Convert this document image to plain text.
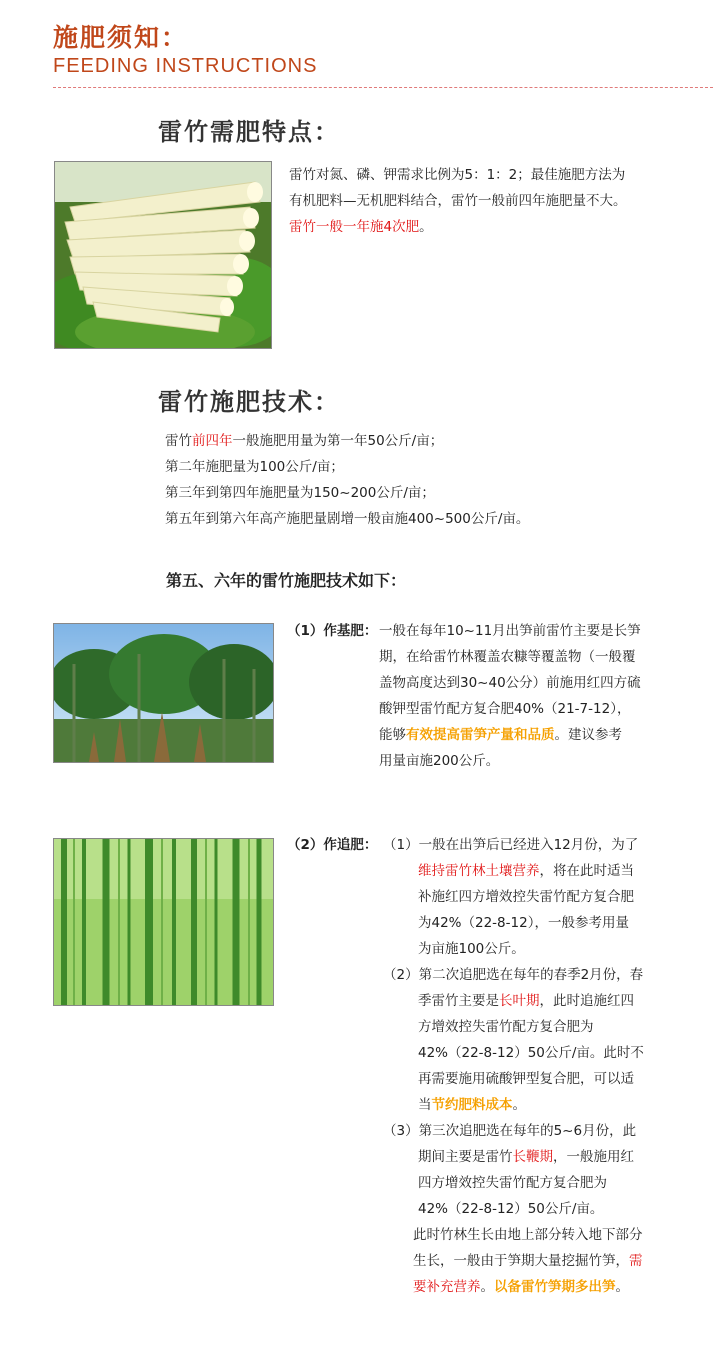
施肥须知：
FEEDING INSTRUCTIONS
雷竹需肥特点：
雷竹对氮、磷、钾需求比例为5：1：2；最佳施肥方法为
有机肥料—无机肥料结合，雷竹一般前四年施肥量不大。
雷竹一般一年施4次肥。
雷竹施肥技术：
雷竹前四年一般施肥用量为第一年50公斤/亩；
第二年施肥量为100公斤/亩；
第三年到第四年施肥量为150~200公斤/亩；
第五年到第六年高产施肥量剧增一般亩施400~500公斤/亩。
第五、六年的雷竹施肥技术如下：
（1）作基肥： 一般在每年10~11月出笋前雷竹主要是长笋
期，在给雷竹林覆盖农糠等覆盖物（一般覆
盖物高度达到30~40公分）前施用红四方硫
酸钾型雷竹配方复合肥40%（21-7-12），
能够有效提高雷笋产量和品质。建议参考
用量亩施200公斤。
（2）作追肥： （1）一般在出笋后已经进入12月份，为了
维持雷竹林土壤营养，将在此时适当
补施红四方增效控失雷竹配方复合肥
为42%（22-8-12），一般参考用量
为亩施100公斤。
（2）第二次追肥选在每年的春季2月份，春
季雷竹主要是长叶期，此时追施红四
方增效控失雷竹配方复合肥为
42%（22-8-12）50公斤/亩。此时不
再需要施用硫酸钾型复合肥，可以适
当节约肥料成本。
（3）第三次追肥选在每年的5~6月份，此
期间主要是雷竹长鞭期，一般施用红
四方增效控失雷竹配方复合肥为
42%（22-8-12）50公斤/亩。
此时竹林生长由地上部分转入地下部分
生长，一般由于笋期大量挖掘竹笋，需
要补充营养。以备雷竹笋期多出笋。
